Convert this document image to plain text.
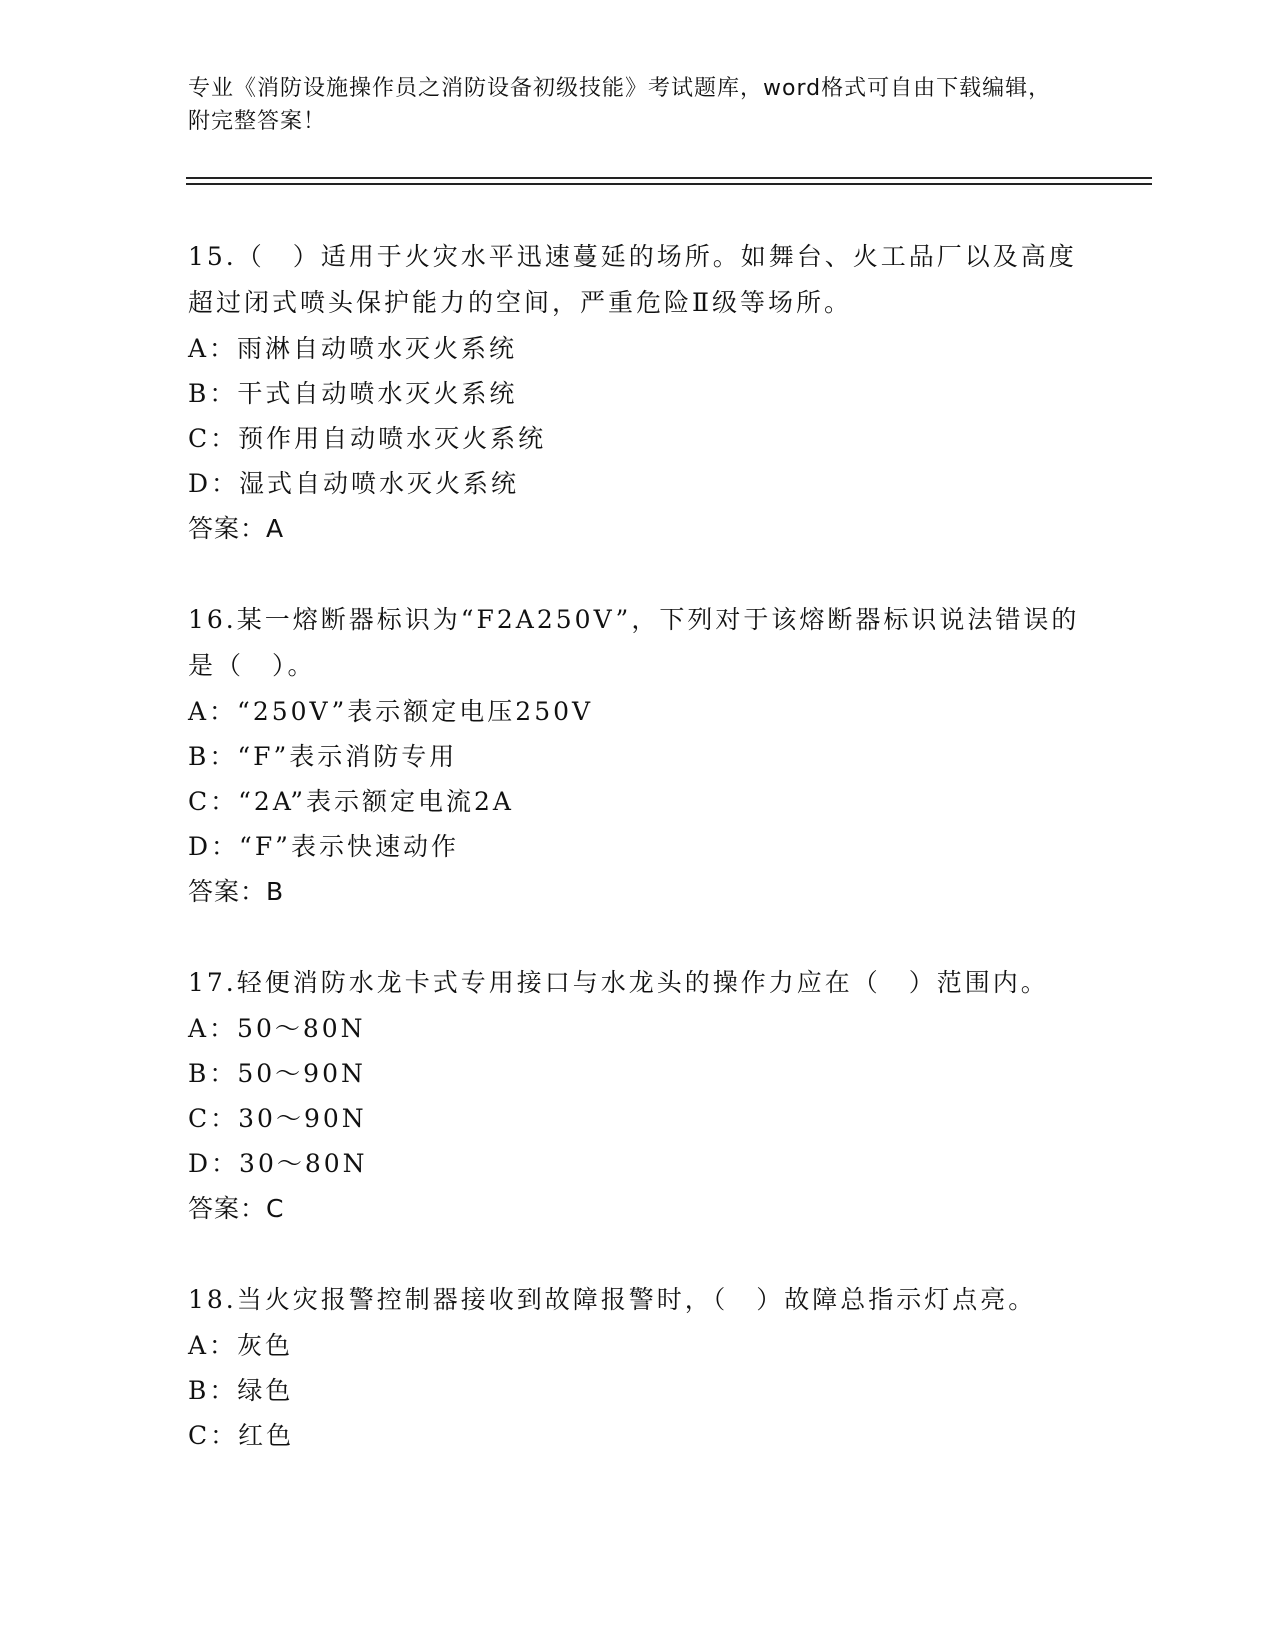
专业《消防设施操作员之消防设备初级技能》考试题库，word格式可自由下载编辑，附完整答案！
15.（　）适用于火灾水平迅速蔓延的场所。如舞台、火工品厂以及高度超过闭式喷头保护能力的空间，严重危险Ⅱ级等场所。
A：雨淋自动喷水灭火系统
B：干式自动喷水灭火系统
C：预作用自动喷水灭火系统
D：湿式自动喷水灭火系统
答案：A
16.某一熔断器标识为“F2A250V”，下列对于该熔断器标识说法错误的是（　）。
A：“250V”表示额定电压250V
B：“F”表示消防专用
C：“2A”表示额定电流2A
D：“F”表示快速动作
答案：B
17.轻便消防水龙卡式专用接口与水龙头的操作力应在（　）范围内。
A：50～80N
B：50～90N
C：30～90N
D：30～80N
答案：C
18.当火灾报警控制器接收到故障报警时，（　）故障总指示灯点亮。
A：灰色
B：绿色
C：红色
